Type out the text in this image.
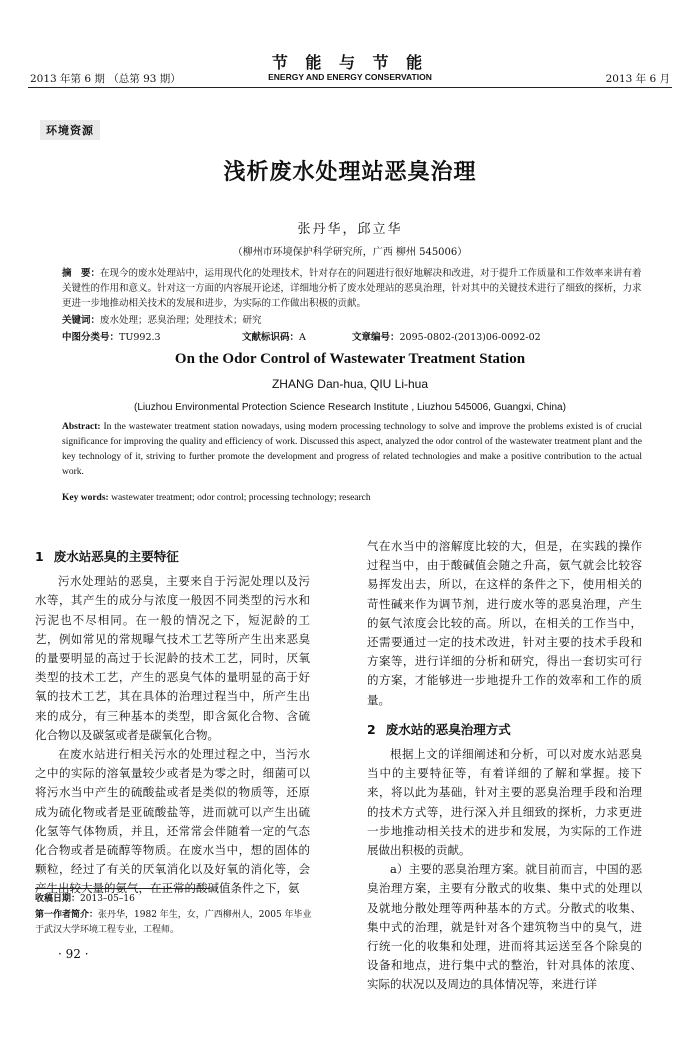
2013 年第 6 期 （总第 93 期）
节 能 与 节 能
ENERGY AND ENERGY CONSERVATION	2013 年 6 月
环境资源
浅析废水处理站恶臭治理
张丹华，邱立华
（柳州市环境保护科学研究所，广西 柳州 545006）
摘　要：在现今的废水处理站中，运用现代化的处理技术，针对存在的问题进行很好地解决和改进，对于提升工作质量和工作效率来讲有着关键性的作用和意义。针对这一方面的内容展开论述，详细地分析了废水处理站的恶臭治理，针对其中的关键技术进行了细致的探析，力求更进一步地推动相关技术的发展和进步，为实际的工作做出积极的贡献。
关键词：废水处理；恶臭治理；处理技术；研究
中图分类号：TU992.3	文献标识码：A	文章编号：2095-0802-(2013)06-0092-02
On the Odor Control of Wastewater Treatment Station
ZHANG Dan-hua, QIU Li-hua
(Liuzhou Environmental Protection Science Research Institute , Liuzhou 545006, Guangxi, China)
Abstract: In the wastewater treatment station nowadays, using modern processing technology to solve and improve the problems existed is of crucial significance for improving the quality and efficiency of work. Discussed this aspect, analyzed the odor control of the wastewater treatment plant and the key technology of it, striving to further promote the development and progress of related technologies and make a positive contribution to the actual work.
Key words: wastewater treatment; odor control; processing technology; research
1 废水站恶臭的主要特征

污水处理站的恶臭，主要来自于污泥处理以及污水等，其产生的成分与浓度一般因不同类型的污水和污泥也不尽相同。在一般的情况之下，短泥龄的工艺，例如常见的常规曝气技术工艺等所产生出来恶臭的量要明显的高过于长泥龄的技术工艺，同时，厌氧类型的技术工艺，产生的恶臭气体的量明显的高于好氧的技术工艺，其在具体的治理过程当中，所产生出来的成分，有三种基本的类型，即含氮化合物、含硫化合物以及碳氢或者是碳氧化合物。

在废水站进行相关污水的处理过程之中，当污水之中的实际的溶氧量较少或者是为零之时，细菌可以将污水当中产生的硫酸盐或者是类似的物质等，还原成为硫化物或者是亚硫酸盐等，进而就可以产生出硫化氢等气体物质，并且，还常常会伴随着一定的气态化合物或者是硫醇等物质。在废水当中，想的固体的颗粒，经过了有关的厌氧消化以及好氧的消化等，会产生出较大量的氨气，在正常的酸碱值条件之下，氨

气在水当中的溶解度比较的大，但是，在实践的操作过程当中，由于酸碱值会随之升高，氨气就会比较容易挥发出去，所以，在这样的条件之下，使用相关的苛性碱来作为调节剂，进行废水等的恶臭治理，产生的氨气浓度会比较的高。所以，在相关的工作当中，还需要通过一定的技术改进，针对主要的技术手段和方案等，进行详细的分析和研究，得出一套切实可行的方案，才能够进一步地提升工作的效率和工作的质量。

2 废水站的恶臭治理方式

根据上文的详细阐述和分析，可以对废水站恶臭当中的主要特征等，有着详细的了解和掌握。接下来，将以此为基础，针对主要的恶臭治理手段和治理的技术方式等，进行深入并且细致的探析，力求更进一步地推动相关技术的进步和发展，为实际的工作进展做出积极的贡献。

a）主要的恶臭治理方案。就目前而言，中国的恶臭治理方案，主要有分散式的收集、集中式的处理以及就地分散处理等两种基本的方式。分散式的收集、集中式的治理，就是针对各个建筑物当中的臭气，进行统一化的收集和处理，进而将其运送至各个除臭的设备和地点，进行集中式的整治，针对具体的浓度、实际的状况以及周边的具体情况等，来进行详

收稿日期：2013–05–16
第一作者简介：张丹华，1982 年生，女，广西柳州人，2005 年毕业于武汉大学环境工程专业，工程师。
· 92 ·
